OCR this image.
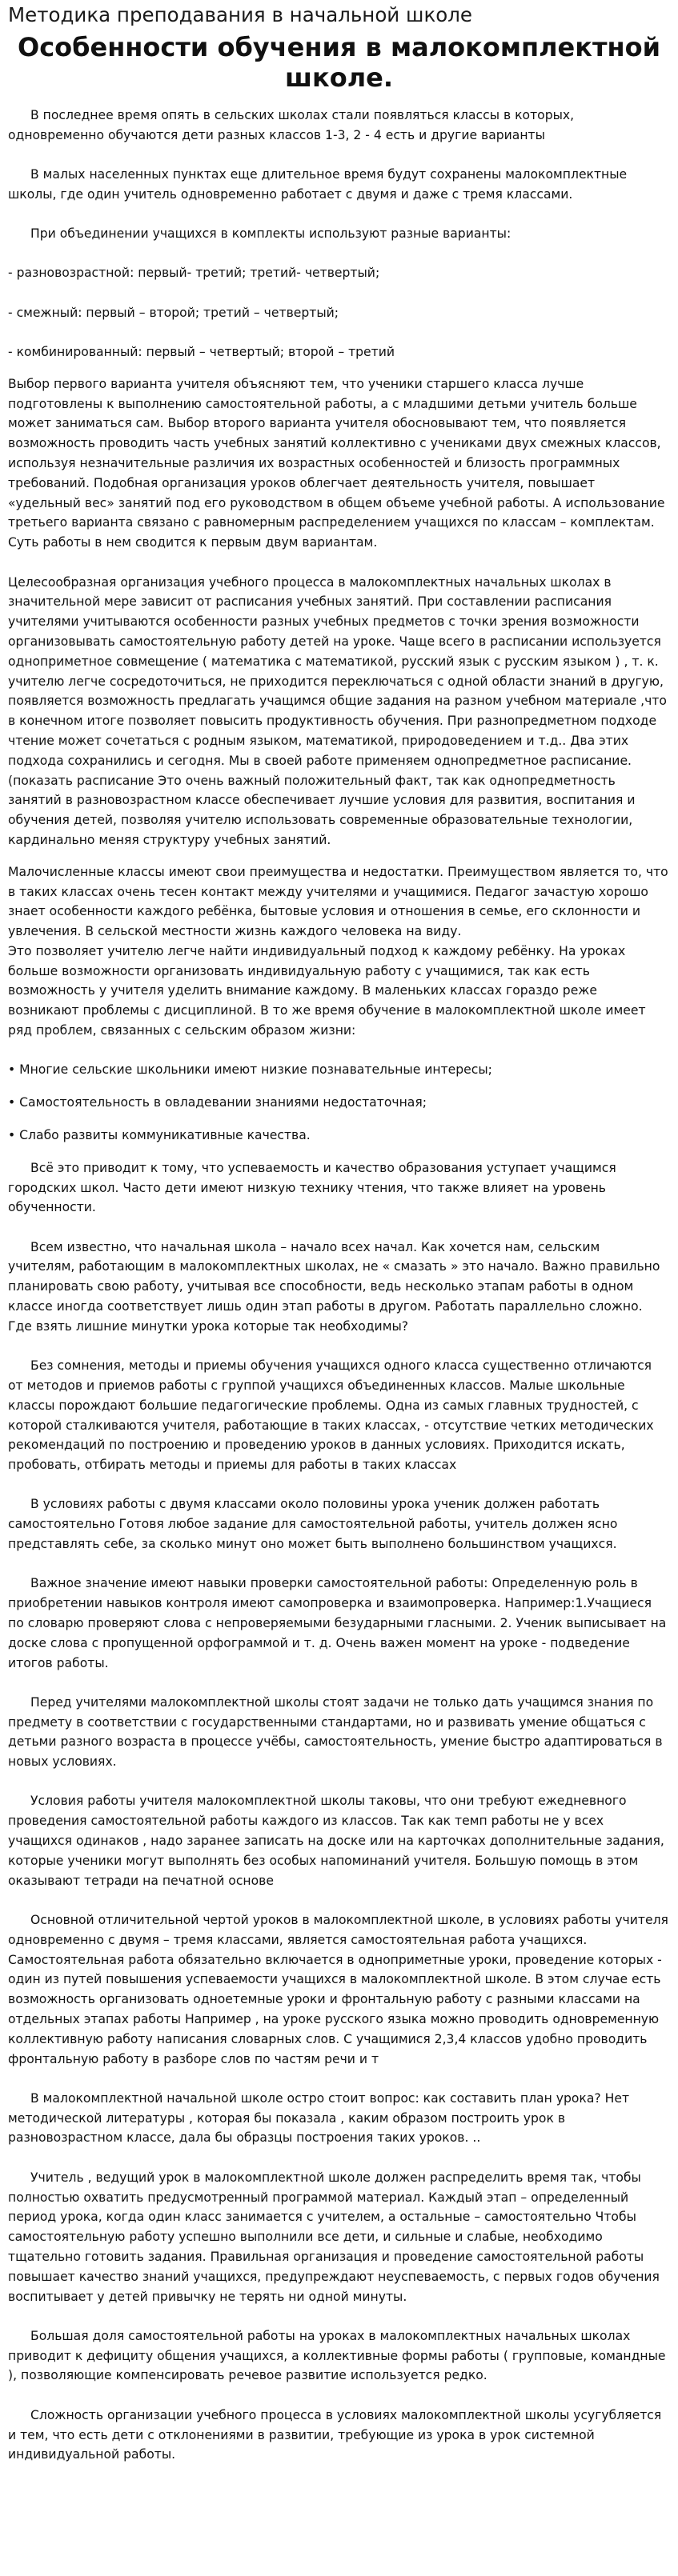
Методика преподавания в начальной школе
Особенности обучения в малокомплектной школе.

В последнее время опять в сельских школах стали появляться классы в которых, одновременно обучаются дети разных классов 1-3, 2 - 4 есть и другие варианты

В малых населенных пунктах еще длительное время будут сохранены малокомплектные школы, где один учитель одновременно работает с двумя и даже с тремя классами.

При объединении учащихся в комплекты используют разные варианты:

- разновозрастной: первый- третий; третий- четвертый;

- смежный: первый – второй; третий – четвертый;

- комбинированный: первый – четвертый; второй – третий

Выбор первого варианта учителя объясняют тем, что ученики старшего класса лучше подготовлены к выполнению самостоятельной работы, а с младшими детьми учитель больше может заниматься сам. Выбор второго варианта учителя обосновывают тем, что появляется возможность проводить часть учебных занятий коллективно с учениками двух смежных классов, используя незначительные различия их возрастных особенностей и близость программных требований. Подобная организация уроков облегчает деятельность учителя, повышает «удельный вес» занятий под его руководством в общем объеме учебной работы. А использование третьего варианта связано с равномерным распределением учащихся по классам – комплектам. Суть работы в нем сводится к первым двум вариантам.

Целесообразная организация учебного процесса в малокомплектных начальных школах в значительной мере зависит от расписания учебных занятий. При составлении расписания учителями учитываются особенности разных учебных предметов с точки зрения возможности организовывать самостоятельную работу детей на уроке. Чаще всего в расписании используется одноприметное совмещение ( математика с математикой, русский язык с русским языком ) , т. к. учителю легче сосредоточиться, не приходится переключаться с одной области знаний в другую, появляется возможность предлагать учащимся общие задания на разном учебном материале ,что в конечном итоге позволяет повысить продуктивность обучения. При разнопредметном подходе чтение может сочетаться с родным языком, математикой, природоведением и т.д.. Два этих подхода сохранились и сегодня. Мы в своей работе применяем однопредметное расписание.(показать расписание Это очень важный положительный факт, так как однопредметность занятий в разновозрастном классе обеспечивает лучшие условия для развития, воспитания и обучения детей, позволяя учителю использовать современные образовательные технологии, кардинально меняя структуру учебных занятий.

Малочисленные классы имеют свои преимущества и недостатки. Преимуществом является то, что в таких классах очень тесен контакт между учителями и учащимися. Педагог зачастую хорошо знает особенности каждого ребёнка, бытовые условия и отношения в семье, его склонности и увлечения. В сельской местности жизнь каждого человека на виду.
Это позволяет учителю легче найти индивидуальный подход к каждому ребёнку. На уроках больше возможности организовать индивидуальную работу с учащимися, так как есть возможность у учителя уделить внимание каждому. В маленьких классах гораздо реже возникают проблемы с дисциплиной. В то же время обучение в малокомплектной школе имеет ряд проблем, связанных с сельским образом жизни:

• Многие сельские школьники имеют низкие познавательные интересы;

• Самостоятельность в овладевании знаниями недостаточная;

• Слабо развиты коммуникативные качества.

Всё это приводит к тому, что успеваемость и качество образования уступает учащимся городских школ. Часто дети имеют низкую технику чтения, что также влияет на уровень обученности.

Всем известно, что начальная школа – начало всех начал. Как хочется нам, сельским учителям, работающим в малокомплектных школах, не « смазать » это начало. Важно правильно планировать свою работу, учитывая все способности, ведь несколько этапам работы в одном классе иногда соответствует лишь один этап работы в другом. Работать параллельно сложно. Где взять лишние минутки урока которые так необходимы?

Без сомнения, методы и приемы обучения учащихся одного класса существенно отличаются от методов и приемов работы с группой учащихся объединенных классов. Малые школьные классы порождают большие педагогические проблемы. Одна из самых главных трудностей, с которой сталкиваются учителя, работающие в таких классах, - отсутствие четких методических рекомендаций по построению и проведению уроков в данных условиях. Приходится искать, пробовать, отбирать методы и приемы для работы в таких классах

В условиях работы с двумя классами около половины урока ученик должен работать самостоятельно Готовя любое задание для самостоятельной работы, учитель должен ясно представлять себе, за сколько минут оно может быть выполнено большинством учащихся.

Важное значение имеют навыки проверки самостоятельной работы: Определенную роль в приобретении навыков контроля имеют самопроверка и взаимопроверка. Например:1.Учащиеся по словарю проверяют слова с непроверяемыми безударными гласными. 2. Ученик выписывает на доске слова с пропущенной орфограммой и т. д. Очень важен момент на уроке - подведение итогов работы.

Перед учителями малокомплектной школы стоят задачи не только дать учащимся знания по предмету в соответствии с государственными стандартами, но и развивать умение общаться с детьми разного возраста в процессе учёбы, самостоятельность, умение быстро адаптироваться в новых условиях.

Условия работы учителя малокомплектной школы таковы, что они требуют ежедневного проведения самостоятельной работы каждого из классов. Так как темп работы не у всех учащихся одинаков , надо заранее записать на доске или на карточках дополнительные задания, которые ученики могут выполнять без особых напоминаний учителя. Большую помощь в этом оказывают тетради на печатной основе

Основной отличительной чертой уроков в малокомплектной школе, в условиях работы учителя одновременно с двумя – тремя классами, является самостоятельная работа учащихся. Самостоятельная работа обязательно включается в одноприметные уроки, проведение которых - один из путей повышения успеваемости учащихся в малокомплектной школе. В этом случае есть возможность организовать одноетемные уроки и фронтальную работу с разными классами на отдельных этапах работы Например , на уроке русского языка можно проводить одновременную коллективную работу написания словарных слов. С учащимися 2,3,4 классов удобно проводить фронтальную работу в разборе слов по частям речи и т

В малокомплектной начальной школе остро стоит вопрос: как составить план урока? Нет методической литературы , которая бы показала , каким образом построить урок в разновозрастном классе, дала бы образцы построения таких уроков. ..

Учитель , ведущий урок в малокомплектной школе должен распределить время так, чтобы полностью охватить предусмотренный программой материал. Каждый этап – определенный период урока, когда один класс занимается с учителем, а остальные – самостоятельно Чтобы самостоятельную работу успешно выполнили все дети, и сильные и слабые, необходимо тщательно готовить задания. Правильная организация и проведение самостоятельной работы повышает качество знаний учащихся, предупреждают неуспеваемость, с первых годов обучения воспитывает у детей привычку не терять ни одной минуты.

Большая доля самостоятельной работы на уроках в малокомплектных начальных школах приводит к дефициту общения учащихся, а коллективные формы работы ( групповые, командные ), позволяющие компенсировать речевое развитие используется редко.

Сложность организации учебного процесса в условиях малокомплектной школы усугубляется и тем, что есть дети с отклонениями в развитии, требующие из урока в урок системной индивидуальной работы.
